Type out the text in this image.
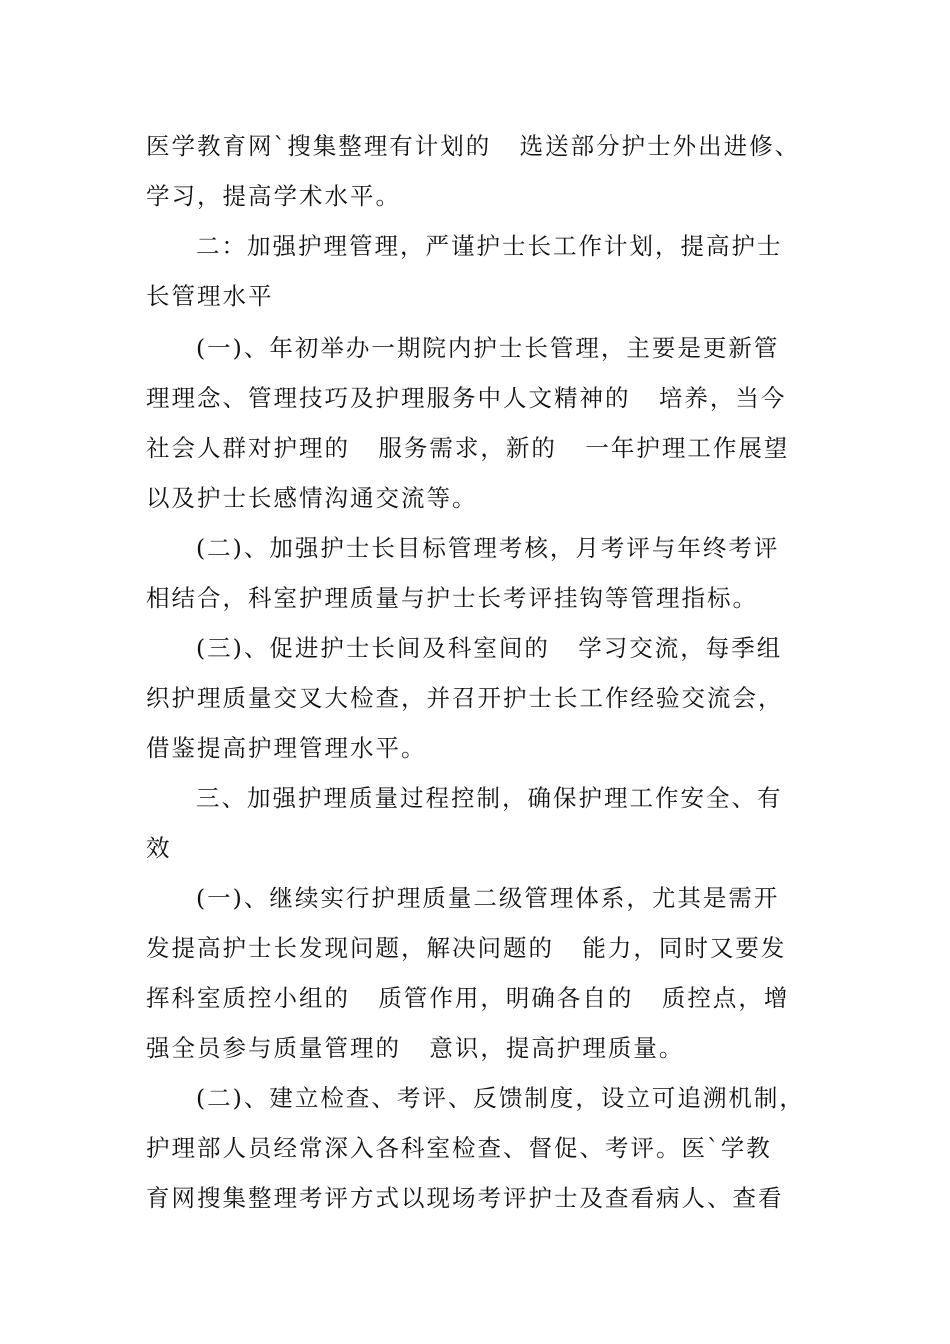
医学教育网`搜集整理有计划的   选送部分护士外出进修、
学习，提高学术水平。
二：加强护理管理，严谨护士长工作计划，提高护士
长管理水平
(一)、年初举办一期院内护士长管理，主要是更新管
理理念、管理技巧及护理服务中人文精神的   培养，当今
社会人群对护理的   服务需求，新的   一年护理工作展望
以及护士长感情沟通交流等。
(二)、加强护士长目标管理考核，月考评与年终考评
相结合，科室护理质量与护士长考评挂钩等管理指标。
(三)、促进护士长间及科室间的   学习交流，每季组
织护理质量交叉大检查，并召开护士长工作经验交流会，
借鉴提高护理管理水平。
三、加强护理质量过程控制，确保护理工作安全、有
效
(一)、继续实行护理质量二级管理体系，尤其是需开
发提高护士长发现问题，解决问题的   能力，同时又要发
挥科室质控小组的   质管作用，明确各自的   质控点，增
强全员参与质量管理的   意识，提高护理质量。
(二)、建立检查、考评、反馈制度，设立可追溯机制，
护理部人员经常深入各科室检查、督促、考评。医`学教
育网搜集整理考评方式以现场考评护士及查看病人、查看
